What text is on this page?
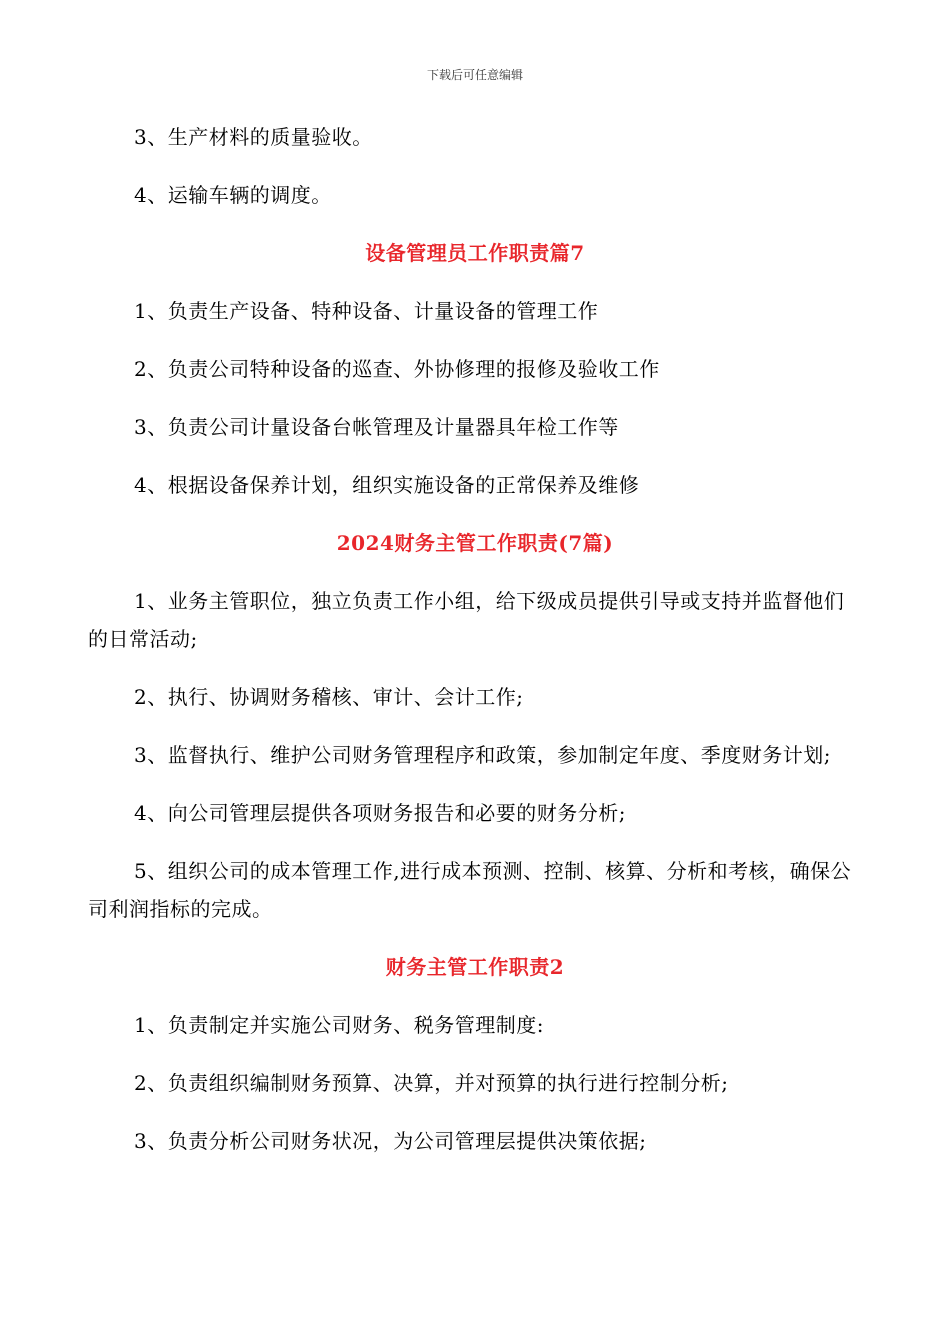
下载后可任意编辑

3、生产材料的质量验收。

4、运输车辆的调度。

设备管理员工作职责篇7

1、负责生产设备、特种设备、计量设备的管理工作

2、负责公司特种设备的巡查、外协修理的报修及验收工作

3、负责公司计量设备台帐管理及计量器具年检工作等

4、根据设备保养计划，组织实施设备的正常保养及维修

2024财务主管工作职责(7篇)

1、业务主管职位，独立负责工作小组，给下级成员提供引导或支持并监督他们的日常活动;

2、执行、协调财务稽核、审计、会计工作;

3、监督执行、维护公司财务管理程序和政策，参加制定年度、季度财务计划;

4、向公司管理层提供各项财务报告和必要的财务分析;

5、组织公司的成本管理工作,进行成本预测、控制、核算、分析和考核，确保公司利润指标的完成。

财务主管工作职责2

1、负责制定并实施公司财务、税务管理制度:

2、负责组织编制财务预算、决算，并对预算的执行进行控制分析;

3、负责分析公司财务状况，为公司管理层提供决策依据;
